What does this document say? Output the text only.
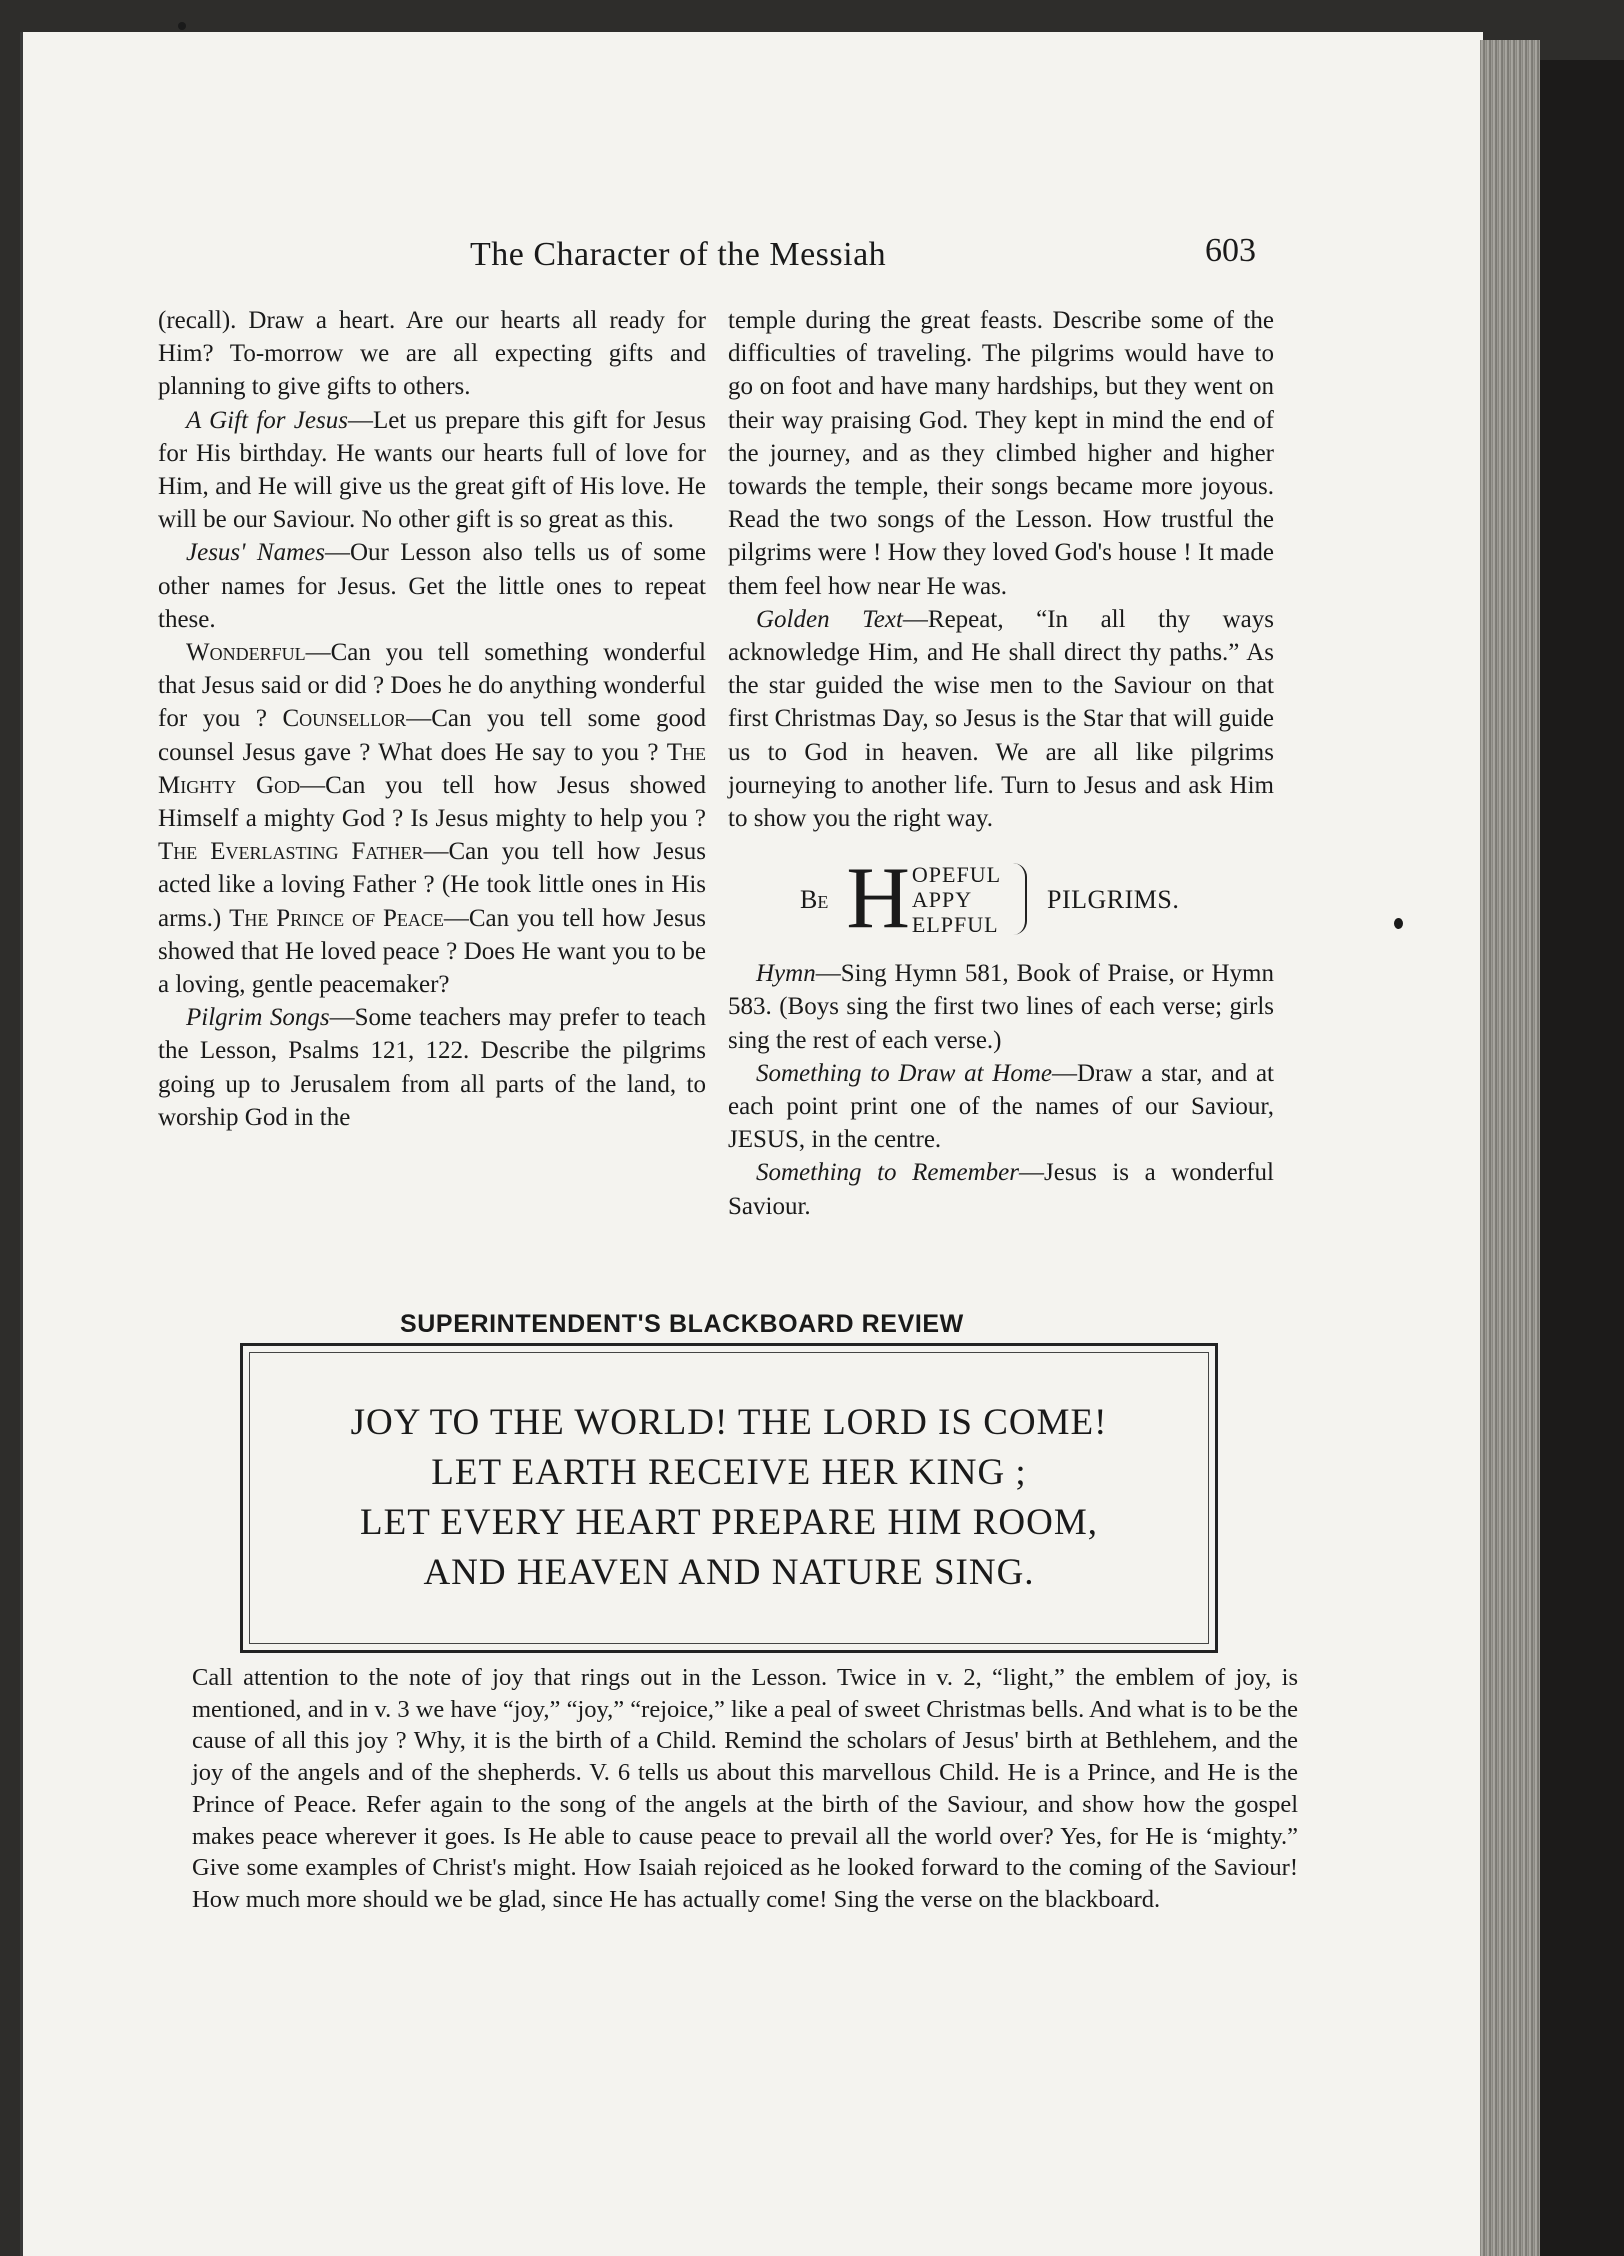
The Character of the Messiah	603

(recall). Draw a heart. Are our hearts all ready for Him? To-morrow we are all expecting gifts and planning to give gifts to others.

A Gift for Jesus—Let us prepare this gift for Jesus for His birthday. He wants our hearts full of love for Him, and He will give us the great gift of His love. He will be our Saviour. No other gift is so great as this.

Jesus' Names—Our Lesson also tells us of some other names for Jesus. Get the little ones to repeat these.

Wonderful—Can you tell something wonderful that Jesus said or did ? Does he do anything wonderful for you ? Counsellor—Can you tell some good counsel Jesus gave ? What does He say to you ? The Mighty God—Can you tell how Jesus showed Himself a mighty God ? Is Jesus mighty to help you ? The Everlasting Father—Can you tell how Jesus acted like a loving Father ? (He took little ones in His arms.) The Prince of Peace—Can you tell how Jesus showed that He loved peace ? Does He want you to be a loving, gentle peacemaker?

Pilgrim Songs—Some teachers may prefer to teach the Lesson, Psalms 121, 122. Describe the pilgrims going up to Jerusalem from all parts of the land, to worship God in the

temple during the great feasts. Describe some of the difficulties of traveling. The pilgrims would have to go on foot and have many hardships, but they went on their way praising God. They kept in mind the end of the journey, and as they climbed higher and higher towards the temple, their songs became more joyous. Read the two songs of the Lesson. How trustful the pilgrims were ! How they loved God's house ! It made them feel how near He was.

Golden Text—Repeat, “In all thy ways acknowledge Him, and He shall direct thy paths.” As the star guided the wise men to the Saviour on that first Christmas Day, so Jesus is the Star that will guide us to God in heaven. We are all like pilgrims journeying to another life. Turn to Jesus and ask Him to show you the right way.

Be H OPEFUL
APPY
ELPFUL
PILGRIMS.

Hymn—Sing Hymn 581, Book of Praise, or Hymn 583. (Boys sing the first two lines of each verse; girls sing the rest of each verse.)

Something to Draw at Home—Draw a star, and at each point print one of the names of our Saviour, JESUS, in the centre.

Something to Remember—Jesus is a wonderful Saviour.

SUPERINTENDENT'S BLACKBOARD REVIEW
JOY TO THE WORLD! THE LORD IS COME!
LET EARTH RECEIVE HER KING ;
LET EVERY HEART PREPARE HIM ROOM,
AND HEAVEN AND NATURE SING.

Call attention to the note of joy that rings out in the Lesson. Twice in v. 2, “light,” the emblem of joy, is mentioned, and in v. 3 we have “joy,” “joy,” “rejoice,” like a peal of sweet Christmas bells. And what is to be the cause of all this joy ? Why, it is the birth of a Child. Remind the scholars of Jesus' birth at Bethlehem, and the joy of the angels and of the shepherds. V. 6 tells us about this marvellous Child. He is a Prince, and He is the Prince of Peace. Refer again to the song of the angels at the birth of the Saviour, and show how the gospel makes peace wherever it goes. Is He able to cause peace to prevail all the world over? Yes, for He is ‘mighty.” Give some examples of Christ's might. How Isaiah rejoiced as he looked forward to the coming of the Saviour! How much more should we be glad, since He has actually come! Sing the verse on the blackboard.
